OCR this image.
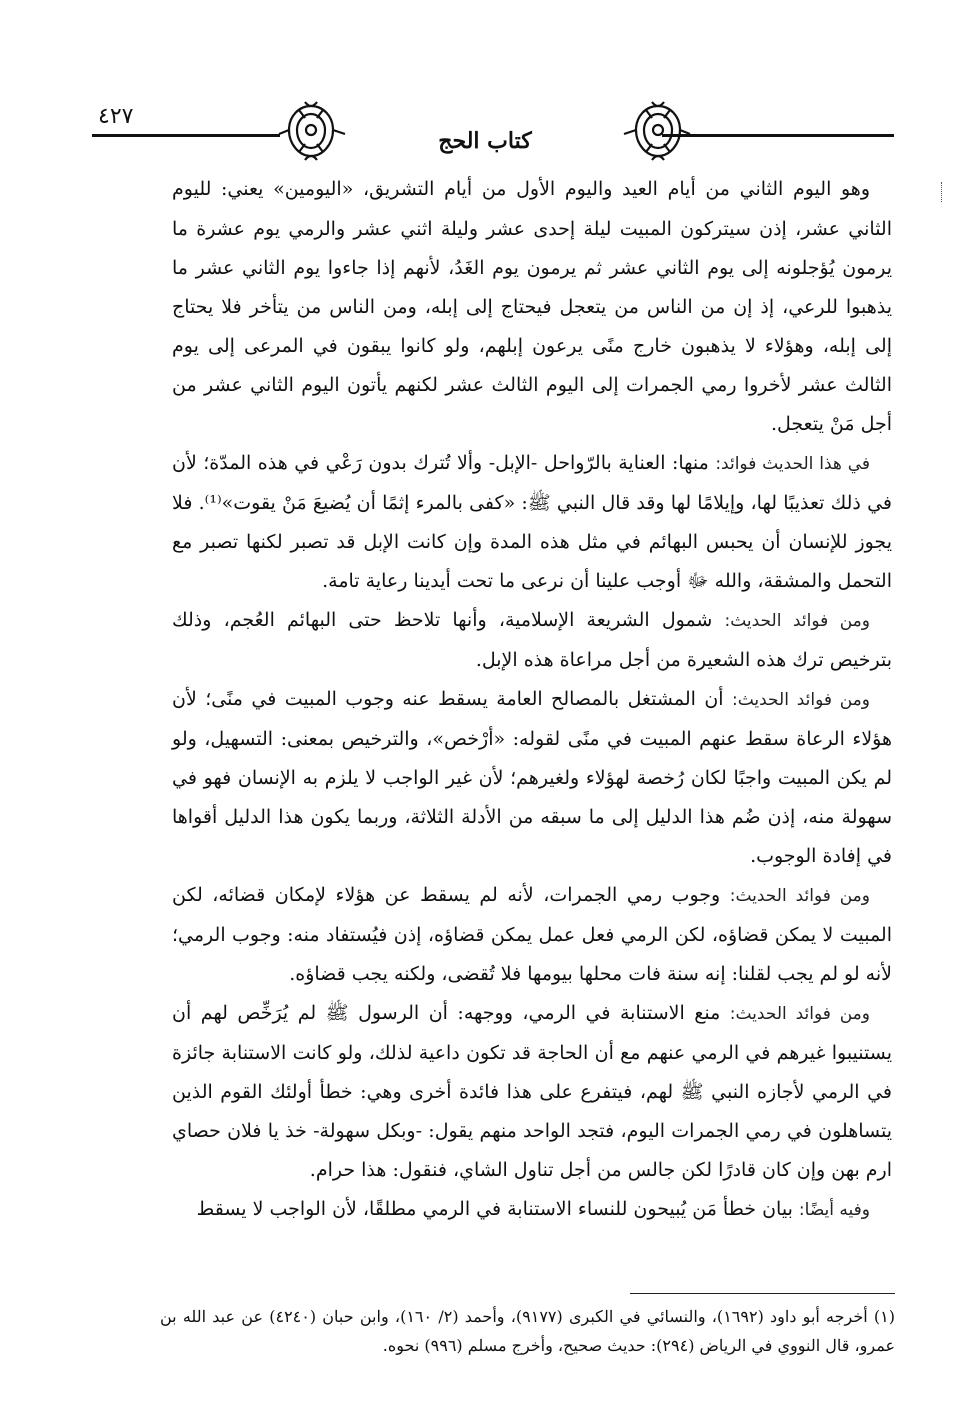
٤٢٧
كتاب الحج

وهو اليوم الثاني من أيام العيد واليوم الأول من أيام التشريق، «اليومين» يعني: لليوم الثاني عشر، إذن سيتركون المبيت ليلة إحدى عشر وليلة اثني عشر والرمي يوم عشرة ما يرمون يُؤجلونه إلى يوم الثاني عشر ثم يرمون يوم الغَدُ، لأنهم إذا جاءوا يوم الثاني عشر ما يذهبوا للرعي، إذ إن من الناس من يتعجل فيحتاج إلى إبله، ومن الناس من يتأخر فلا يحتاج إلى إبله، وهؤلاء لا يذهبون خارج منًى يرعون إبلهم، ولو كانوا يبقون في المرعى إلى يوم الثالث عشر لأخروا رمي الجمرات إلى اليوم الثالث عشر لكنهم يأتون اليوم الثاني عشر من أجل مَنْ يتعجل.

في هذا الحديث فوائد: منها: العناية بالرّواحل -الإبل- وألا تُترك بدون رَعْي في هذه المدّة؛ لأن في ذلك تعذيبًا لها، وإيلامًا لها وقد قال النبي ﷺ: «كفى بالمرء إثمًا أن يُضيعَ مَنْ يقوت»⁽¹⁾. فلا يجوز للإنسان أن يحبس البهائم في مثل هذه المدة وإن كانت الإبل قد تصبر لكنها تصبر مع التحمل والمشقة، والله ﷻ أوجب علينا أن نرعى ما تحت أيدينا رعاية تامة.

ومن فوائد الحديث: شمول الشريعة الإسلامية، وأنها تلاحظ حتى البهائم العُجم، وذلك بترخيص ترك هذه الشعيرة من أجل مراعاة هذه الإبل.

ومن فوائد الحديث: أن المشتغل بالمصالح العامة يسقط عنه وجوب المبيت في منًى؛ لأن هؤلاء الرعاة سقط عنهم المبيت في منًى لقوله: «أرْخص»، والترخيص بمعنى: التسهيل، ولو لم يكن المبيت واجبًا لكان رُخصة لهؤلاء ولغيرهم؛ لأن غير الواجب لا يلزم به الإنسان فهو في سهولة منه، إذن ضُم هذا الدليل إلى ما سبقه من الأدلة الثلاثة، وربما يكون هذا الدليل أقواها في إفادة الوجوب.

ومن فوائد الحديث: وجوب رمي الجمرات، لأنه لم يسقط عن هؤلاء لإمكان قضائه، لكن المبيت لا يمكن قضاؤه، لكن الرمي فعل عمل يمكن قضاؤه، إذن فيُستفاد منه: وجوب الرمي؛ لأنه لو لم يجب لقلنا: إنه سنة فات محلها بيومها فلا تُقضى، ولكنه يجب قضاؤه.

ومن فوائد الحديث: منع الاستنابة في الرمي، ووجهه: أن الرسول ﷺ لم يُرَخِّص لهم أن يستنيبوا غيرهم في الرمي عنهم مع أن الحاجة قد تكون داعية لذلك، ولو كانت الاستنابة جائزة في الرمي لأجازه النبي ﷺ لهم، فيتفرع على هذا فائدة أخرى وهي: خطأ أولئك القوم الذين يتساهلون في رمي الجمرات اليوم، فتجد الواحد منهم يقول: -وبكل سهولة- خذ يا فلان حصاي ارم بهن وإن كان قادرًا لكن جالس من أجل تناول الشاي، فنقول: هذا حرام.

وفيه أيضًا: بيان خطأ مَن يُبيحون للنساء الاستنابة في الرمي مطلقًا، لأن الواجب لا يسقط

(١) أخرجه أبو داود (١٦٩٢)، والنسائي في الكبرى (٩١٧٧)، وأحمد (٢/ ١٦٠)، وابن حبان (٤٢٤٠) عن عبد الله بن عمرو، قال النووي في الرياض (٢٩٤): حديث صحيح، وأخرج مسلم (٩٩٦) نحوه.
